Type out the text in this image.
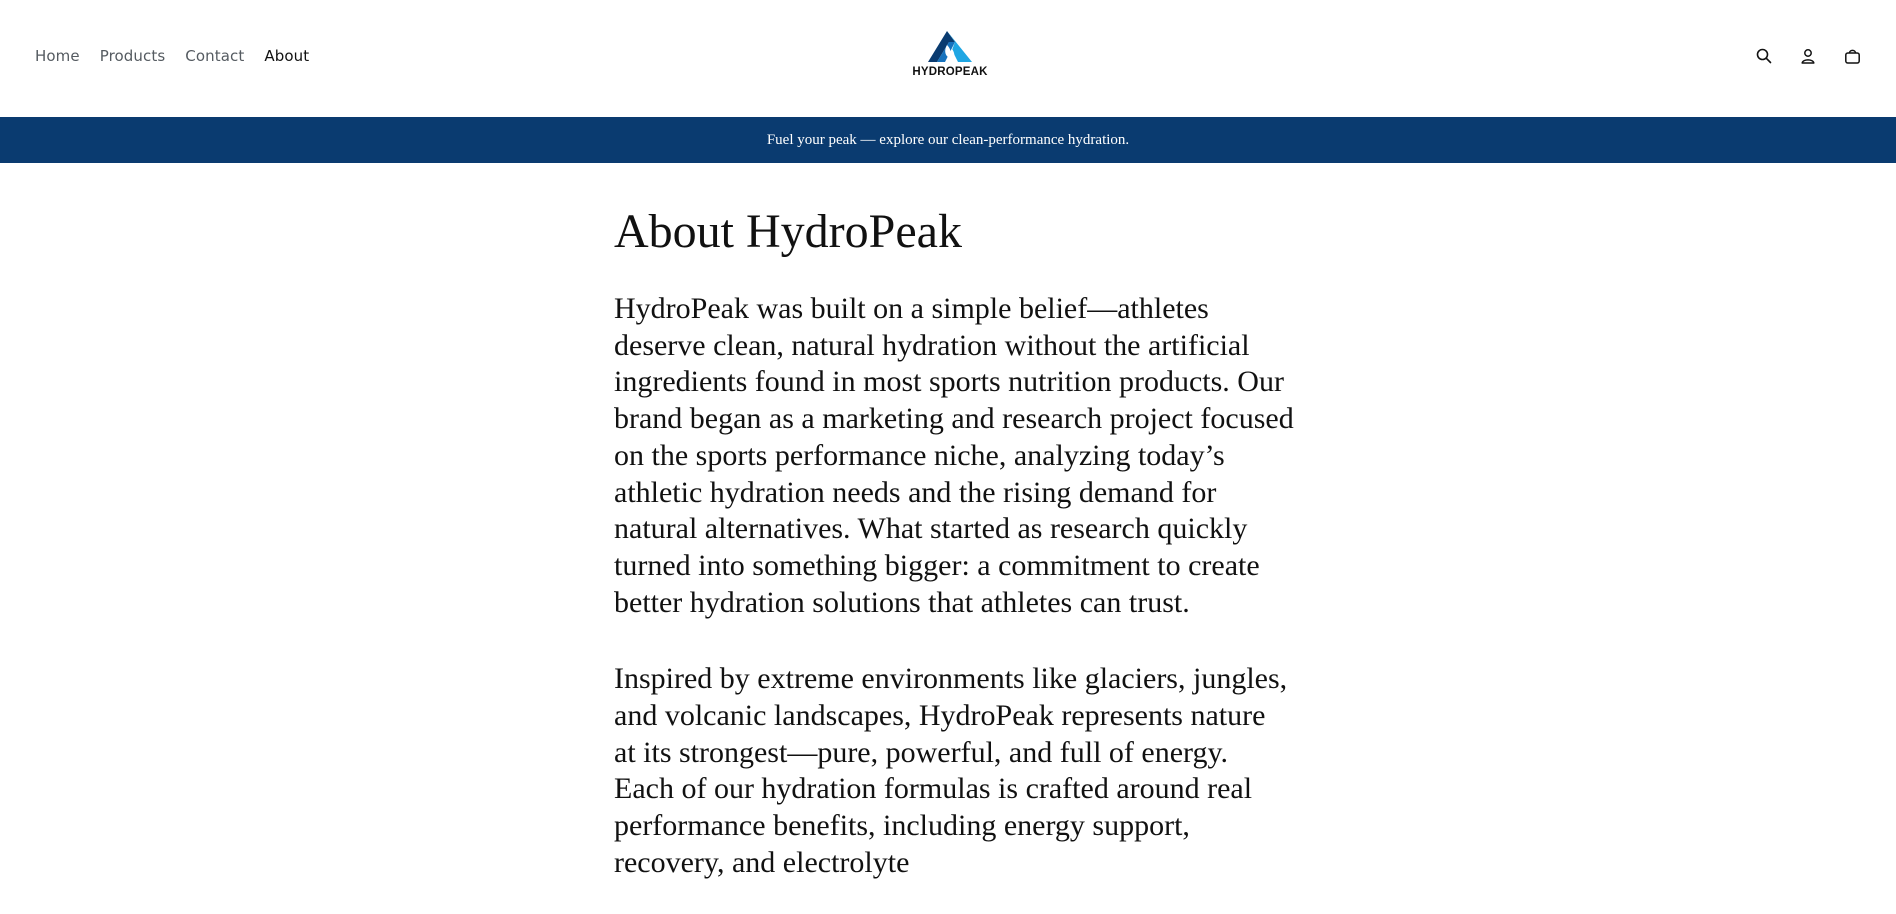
Home Products Contact About
HYDROPEAK
Fuel your peak — explore our clean-performance hydration.
About HydroPeak

HydroPeak was built on a simple belief—athletes deserve clean, natural hydration without the artificial ingredients found in most sports nutrition products. Our brand began as a marketing and research project focused on the sports performance niche, analyzing today’s athletic hydration needs and the rising demand for natural alternatives. What started as research quickly turned into something bigger: a commitment to create better hydration solutions that athletes can trust.

Inspired by extreme environments like glaciers, jungles, and volcanic landscapes, HydroPeak represents nature at its strongest—pure, powerful, and full of energy. Each of our hydration formulas is crafted around real performance benefits, including energy support, recovery, and electrolyte
